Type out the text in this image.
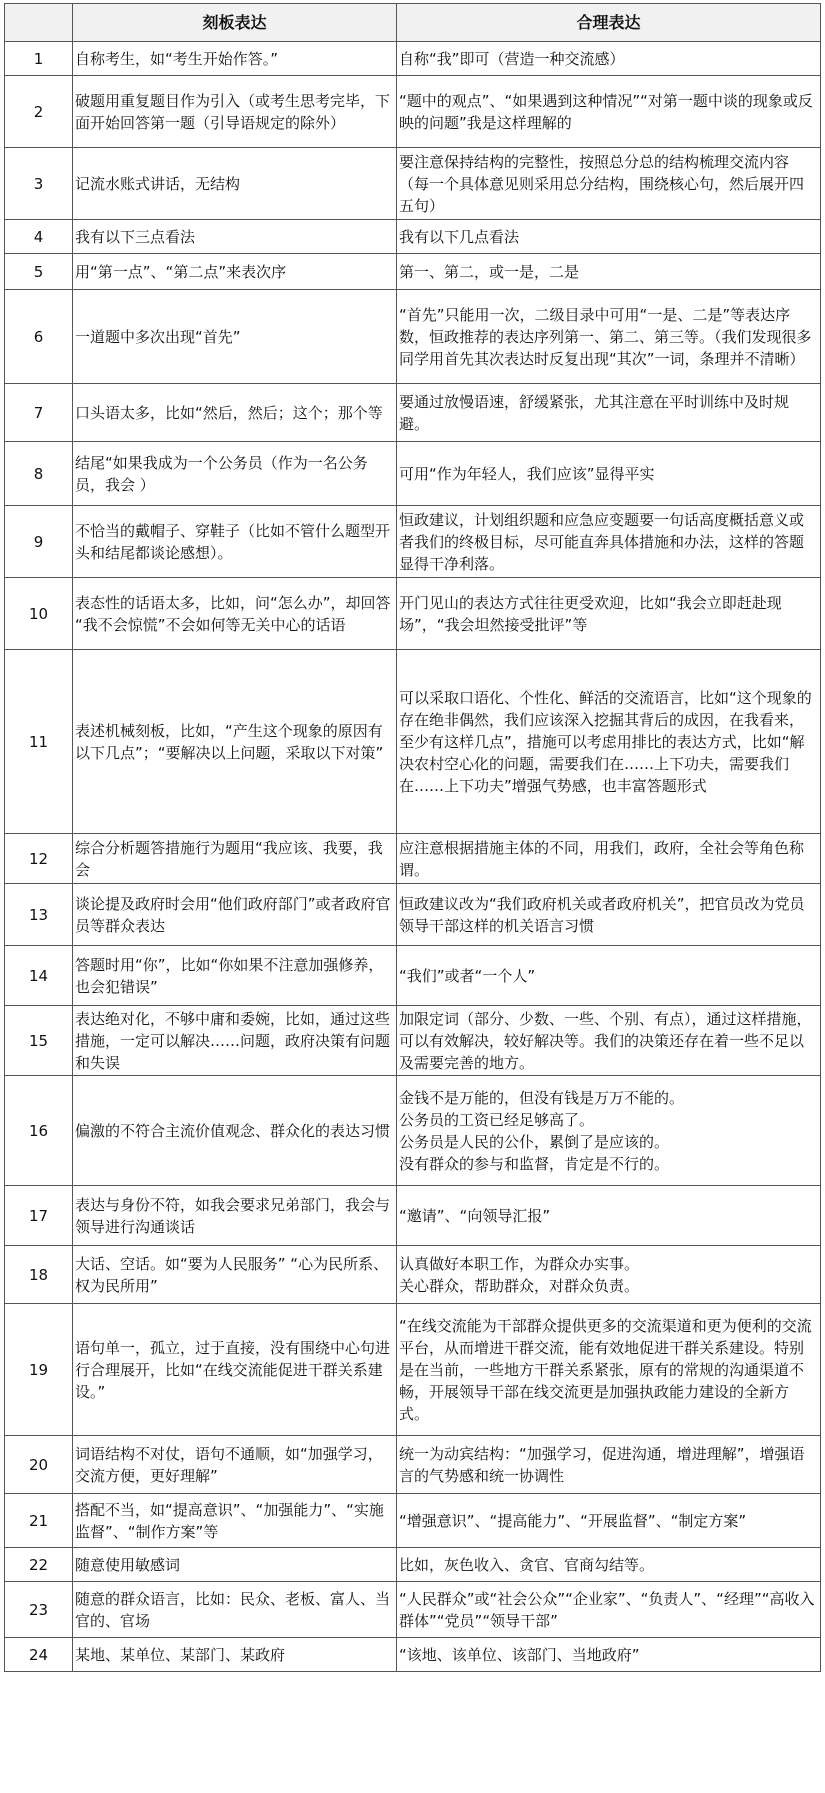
	刻板表达	合理表达
1	自称考生，如“考生开始作答。”	自称“我”即可（营造一种交流感）
2	破题用重复题目作为引入（或考生思考完毕，下面开始回答第一题（引导语规定的除外）	“题中的观点”、“如果遇到这种情况”“对第一题中谈的现象或反映的问题”我是这样理解的
3	记流水账式讲话，无结构	要注意保持结构的完整性，按照总分总的结构梳理交流内容（每一个具体意见则采用总分结构，围绕核心句，然后展开四五句）
4	我有以下三点看法	我有以下几点看法
5	用“第一点”、“第二点”来表次序	第一、第二，或一是，二是
6	一道题中多次出现“首先”	“首先”只能用一次，二级目录中可用“一是、二是”等表达序数，恒政推荐的表达序列第一、第二、第三等。（我们发现很多同学用首先其次表达时反复出现“其次”一词，条理并不清晰）
7	口头语太多，比如“然后，然后；这个；那个等	要通过放慢语速，舒缓紧张，尤其注意在平时训练中及时规避。
8	结尾“如果我成为一个公务员（作为一名公务员，我会 ）	可用“作为年轻人，我们应该”显得平实
9	不恰当的戴帽子、穿鞋子（比如不管什么题型开头和结尾都谈论感想）。	恒政建议，计划组织题和应急应变题要一句话高度概括意义或者我们的终极目标，尽可能直奔具体措施和办法，这样的答题显得干净利落。
10	表态性的话语太多，比如，问“怎么办”，却回答 “我不会惊慌”不会如何等无关中心的话语	开门见山的表达方式往往更受欢迎，比如“我会立即赶赴现场”，“我会坦然接受批评”等
11	表述机械刻板，比如，“产生这个现象的原因有以下几点”；“要解决以上问题，采取以下对策”	可以采取口语化、个性化、鲜活的交流语言，比如“这个现象的存在绝非偶然，我们应该深入挖掘其背后的成因，在我看来，至少有这样几点”，措施可以考虑用排比的表达方式，比如“解决农村空心化的问题，需要我们在……上下功夫，需要我们在……上下功夫”增强气势感，也丰富答题形式
12	综合分析题答措施行为题用“我应该、我要，我会	应注意根据措施主体的不同，用我们，政府，全社会等角色称谓。
13	谈论提及政府时会用“他们政府部门”或者政府官员等群众表达	恒政建议改为“我们政府机关或者政府机关”，把官员改为党员领导干部这样的机关语言习惯
14	答题时用“你”，比如“你如果不注意加强修养，也会犯错误”	“我们”或者“一个人”
15	表达绝对化，不够中庸和委婉，比如，通过这些措施，一定可以解决……问题，政府决策有问题和失误	加限定词（部分、少数、一些、个别、有点），通过这样措施，可以有效解决，较好解决等。我们的决策还存在着一些不足以及需要完善的地方。
16	偏激的不符合主流价值观念、群众化的表达习惯	金钱不是万能的，但没有钱是万万不能的。
公务员的工资已经足够高了。
公务员是人民的公仆，累倒了是应该的。
没有群众的参与和监督，肯定是不行的。

17	表达与身份不符，如我会要求兄弟部门，我会与领导进行沟通谈话	“邀请”、“向领导汇报”
18	大话、空话。如“要为人民服务” “心为民所系、权为民所用”	认真做好本职工作，为群众办实事。
关心群众，帮助群众，对群众负责。

19	语句单一，孤立，过于直接，没有围绕中心句进行合理展开，比如“在线交流能促进干群关系建设。”	“在线交流能为干部群众提供更多的交流渠道和更为便利的交流平台，从而增进干群交流，能有效地促进干群关系建设。特别是在当前，一些地方干群关系紧张，原有的常规的沟通渠道不畅，开展领导干部在线交流更是加强执政能力建设的全新方式。
20	词语结构不对仗，语句不通顺，如“加强学习，交流方便，更好理解”	统一为动宾结构：“加强学习，促进沟通，增进理解”，增强语言的气势感和统一协调性
21	搭配不当，如“提高意识”、“加强能力”、“实施监督”、“制作方案”等	“增强意识”、“提高能力”、“开展监督”、“制定方案”
22	随意使用敏感词	比如，灰色收入、贪官、官商勾结等。
23	随意的群众语言，比如：民众、老板、富人、当官的、官场	“人民群众”或“社会公众”“企业家”、“负责人”、“经理”“高收入群体”“党员”“领导干部”
24	某地、某单位、某部门、某政府	“该地、该单位、该部门、当地政府”
